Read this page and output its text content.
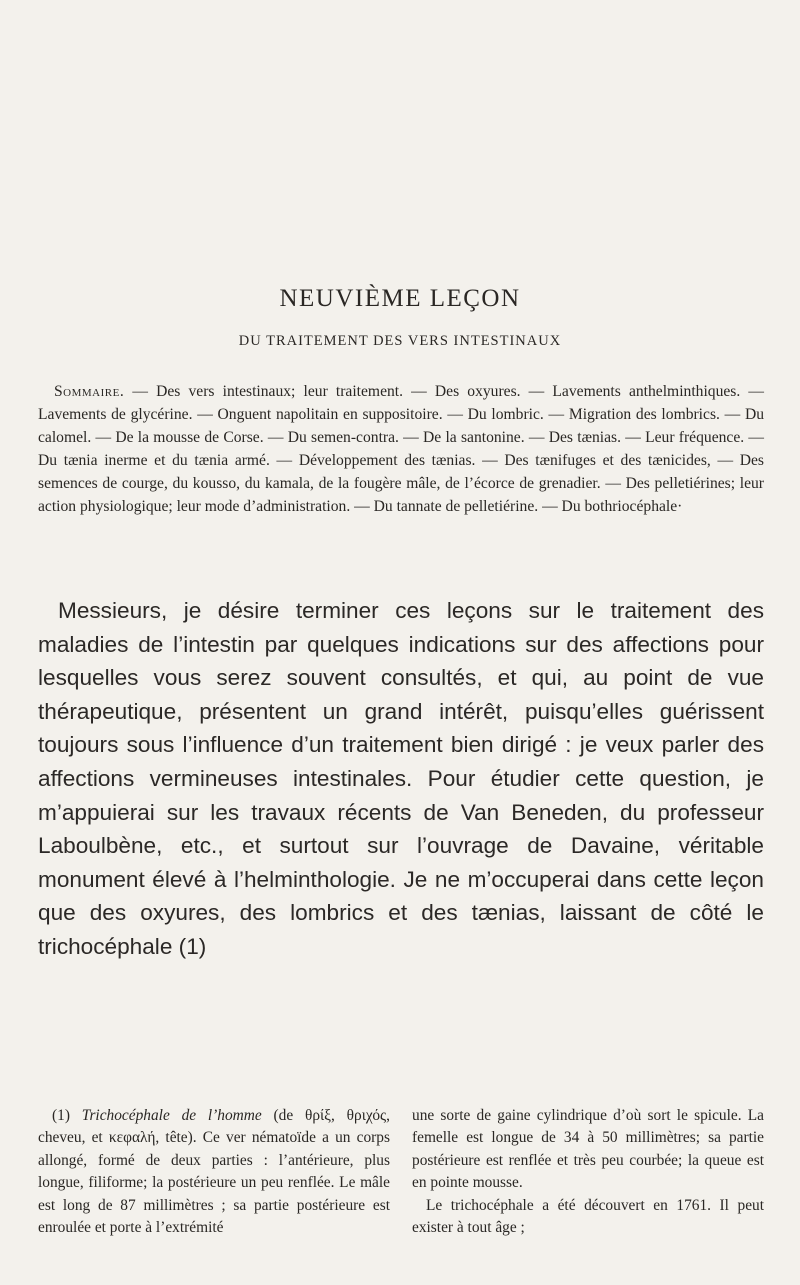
NEUVIÈME LEÇON

DU TRAITEMENT DES VERS INTESTINAUX

Sommaire. — Des vers intestinaux; leur traitement. — Des oxyures. — Lavements anthelminthiques. — Lavements de glycérine. — Onguent napolitain en suppositoire. — Du lombric. — Migration des lombrics. — Du calomel. — De la mousse de Corse. — Du semen-contra. — De la santonine. — Des tænias. — Leur fréquence. — Du tænia inerme et du tænia armé. — Développement des tænias. — Des tænifuges et des tænicides, — Des semences de courge, du kousso, du kamala, de la fougère mâle, de l’écorce de grenadier. — Des pelletiérines; leur action physiologique; leur mode d’administration. — Du tannate de pelletiérine. — Du bothriocéphale·

Messieurs, je désire terminer ces leçons sur le traitement des maladies de l’intestin par quelques indications sur des affections pour lesquelles vous serez souvent consultés, et qui, au point de vue thérapeutique, présentent un grand intérêt, puisqu’elles guérissent toujours sous l’influence d’un traitement bien dirigé : je veux parler des affections vermineuses intestinales. Pour étudier cette question, je m’appuierai sur les travaux récents de Van Beneden, du professeur Laboulbène, etc., et surtout sur l’ouvrage de Davaine, véritable monument élevé à l’helminthologie. Je ne m’occuperai dans cette leçon que des oxyures, des lombrics et des tænias, laissant de côté le trichocéphale (1)

(1) Trichocéphale de l’homme (de θρίξ, θριχός, cheveu, et κεφαλή, tête). Ce ver nématoïde a un corps allongé, formé de deux parties : l’antérieure, plus longue, filiforme; la postérieure un peu renflée. Le mâle est long de 87 millimètres ; sa partie postérieure est enroulée et porte à l’extrémité

une sorte de gaine cylindrique d’où sort le spicule. La femelle est longue de 34 à 50 millimètres; sa partie postérieure est renflée et très peu courbée; la queue est en pointe mousse.
Le trichocéphale a été découvert en 1761. Il peut exister à tout âge ;
